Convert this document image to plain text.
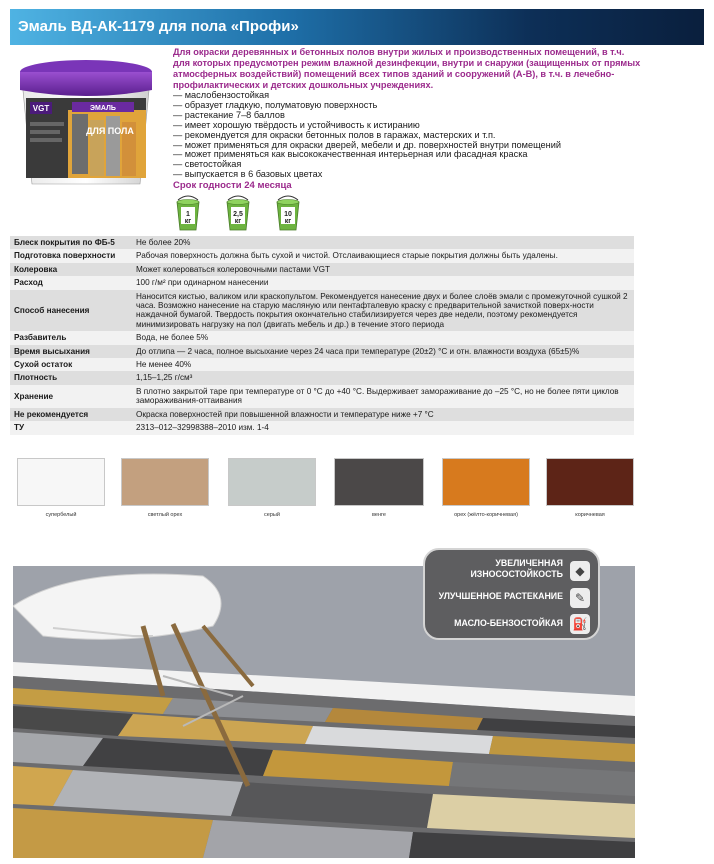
Эмаль ВД-АК-1179 для пола «Профи»
VGT	ЭМАЛЬ
ДЛЯ ПОЛА
Для окраски деревянных и бетонных полов внутри жилых и производственных помещений, в т.ч. для которых предусмотрен режим влажной дезинфекции, внутри и снаружи (защищенных от прямых атмосферных воздействий) помещений всех типов зданий и сооружений (А-В), в т.ч. в лечебно- профилактических и детских дошкольных учреждениях.
— маслобензостойкая
— образует гладкую, полуматовую поверхность
— растекание 7–8 баллов
— имеет хорошую твёрдость и устойчивость к истиранию
— рекомендуется для окраски бетонных полов в гаражах, мастерских и т.п.
— может применяться для окраски дверей, мебели и др. поверхностей внутри помещений
— может применяться как высококачественная интерьерная или фасадная краска
— светостойкая
— выпускается в 6 базовых цветах
Срок годности 24 месяца
1
кг
2,5
кг
10
кг
Блеск покрытия по ФБ-5	Не более 20%
Подготовка поверхности	Рабочая поверхность должна быть сухой и чистой. Отслаивающиеся старые покрытия должны быть удалены.
Колеровка	Может колероваться колеровочными пастами VGT
Расход	100 г/м² при одинарном нанесении
Способ нанесения	Наносится кистью, валиком или краскопультом. Рекомендуется нанесение двух и более слоёв эмали с промежуточной сушкой 2 часа. Возможно нанесение на старую масляную или пентафталевую краску с предварительной зачисткой поверх-ности наждачной бумагой. Твердость покрытия окончательно стабилизируется через две недели, поэтому рекомендуется минимизировать нагрузку на пол (двигать мебель и др.) в течение этого периода
Разбавитель	Вода, не более 5%
Время высыхания	До отлипа — 2 часа, полное высыхание через 24 часа при температуре (20±2) °С и отн. влажности воздуха (65±5)%
Сухой остаток	Не менее 40%
Плотность	1,15–1,25 г/см³
Хранение	В плотно закрытой таре при температуре от 0 °С до +40 °С. Выдерживает замораживание до –25 °С, но не более пяти циклов замораживания-оттаивания
Не рекомендуется	Окраска поверхностей при повышенной влажности и температуре ниже +7 °С
ТУ	2313–012–32998388–2010 изм. 1-4
супербелый	светлый орех	серый	венге	орех (жёлто-коричневая)	коричневая
УВЕЛИЧЕННАЯ ИЗНОСОСТОЙКОСТЬ	◆
УЛУЧШЕННОЕ РАСТЕКАНИЕ ✎
МАСЛО-БЕНЗОСТОЙКАЯ ⛽
